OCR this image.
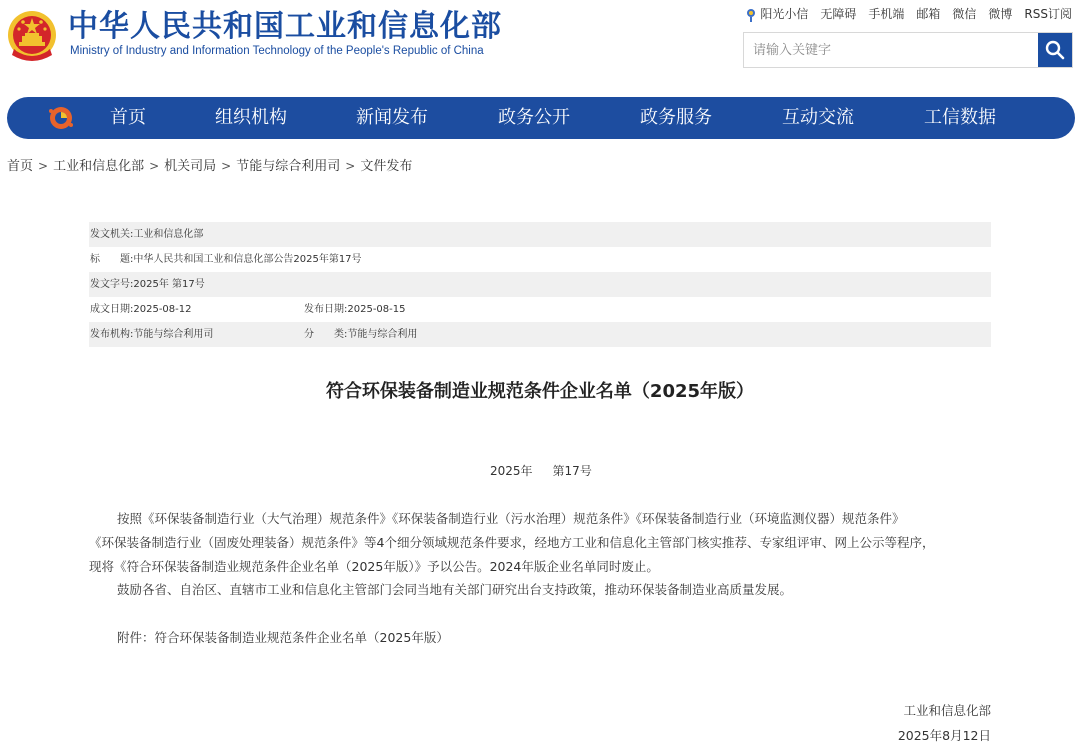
中华人民共和国工业和信息化部
Ministry of Industry and Information Technology of the People's Republic of China
阳光小信 无障碍 手机端 邮箱 微信 微博 RSS订阅
请输入关键字
首页	组织机构	新闻发布	政务公开	政务服务	互动交流	工信数据
首页 > 工业和信息化部 > 机关司局 > 节能与综合利用司 > 文件发布
发文机关: 工业和信息化部
标　　题: 中华人民共和国工业和信息化部公告2025年第17号
发文字号: 2025年 第17号
成文日期: 2025-08-12	发布日期:2025-08-15
发布机构: 节能与综合利用司	分　　类:节能与综合利用
符合环保装备制造业规范条件企业名单（2025年版）
2025年 第17号
按照《环保装备制造行业（大气治理）规范条件》《环保装备制造行业（污水治理）规范条件》《环保装备制造行业（环境监测仪器）规范条件》
《环保装备制造行业（固废处理装备）规范条件》等4个细分领域规范条件要求，经地方工业和信息化主管部门核实推荐、专家组评审、网上公示等程序，
现将《符合环保装备制造业规范条件企业名单（2025年版）》予以公告。2024年版企业名单同时废止。
鼓励各省、自治区、直辖市工业和信息化主管部门会同当地有关部门研究出台支持政策，推动环保装备制造业高质量发展。
附件：符合环保装备制造业规范条件企业名单（2025年版）
工业和信息化部
2025年8月12日
